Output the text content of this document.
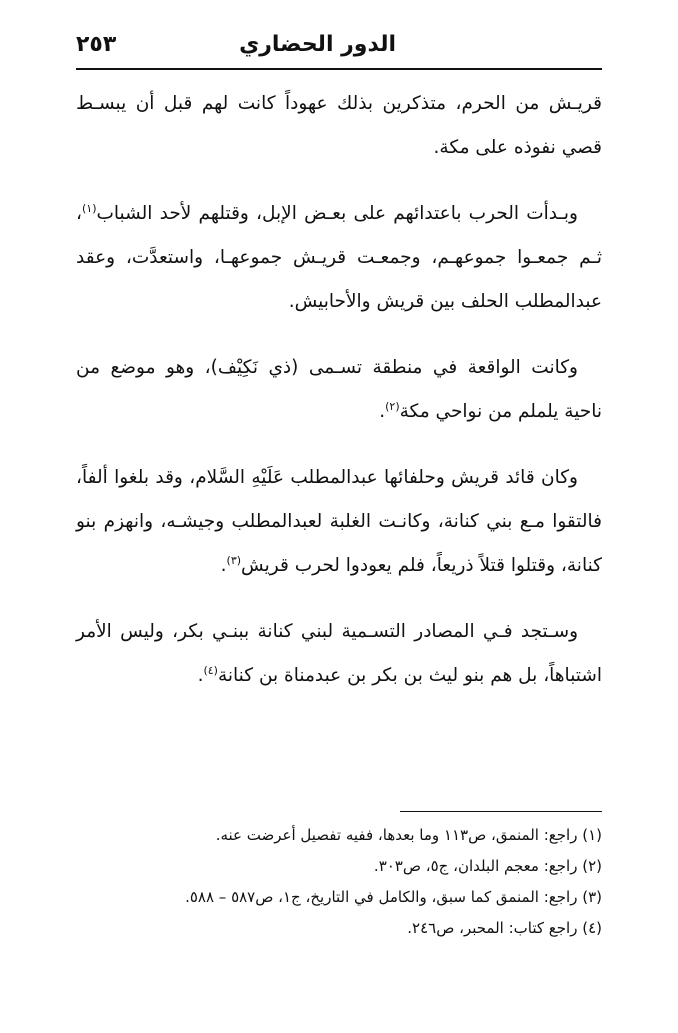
الدور الحضاري
٢٥٣

قريـش من الحرم، متذكرين بذلك عهوداً كانت لهم قبل أن يبسـط قصي نفوذه على مكة.

وبـدأت الحرب باعتدائهم على بعـض الإبل، وقتلهم لأحد الشباب$^{(١)}$، ثـم جمعـوا جموعهـم، وجمعـت قريـش جموعهـا، واستعدَّت، وعقد عبدالمطلب الحلف بين قريش والأحابيش.

وكانت الواقعة في منطقة تسـمى (ذي نَكِيْف)، وهو موضع من ناحية يلملم من نواحي مكة$^{(٢)}$.

وكان قائد قريش وحلفائها عبدالمطلب عَلَيْهِ السَّلام، وقد بلغوا ألفاً، فالتقوا مـع بني كنانة، وكانـت الغلبة لعبدالمطلب وجيشـه، وانهزم بنو كنانة، وقتلوا قتلاً ذريعاً، فلم يعودوا لحرب قريش$^{(٣)}$.

وسـتجد فـي المصادر التسـمية لبني كنانة ببنـي بكر، وليس الأمر اشتباهاً، بل هم بنو ليث بن بكر بن عبدمناة بن كنانة$^{(٤)}$.

(١) راجع: المنمق، ص١١٣ وما بعدها، ففيه تفصيل أعرضت عنه.

(٢) راجع: معجم البلدان، ج٥، ص٣٠٣.

(٣) راجع: المنمق كما سبق، والكامل في التاريخ، ج١، ص٥٨٧ – ٥٨٨.

(٤) راجع كتاب: المحبر، ص٢٤٦.
